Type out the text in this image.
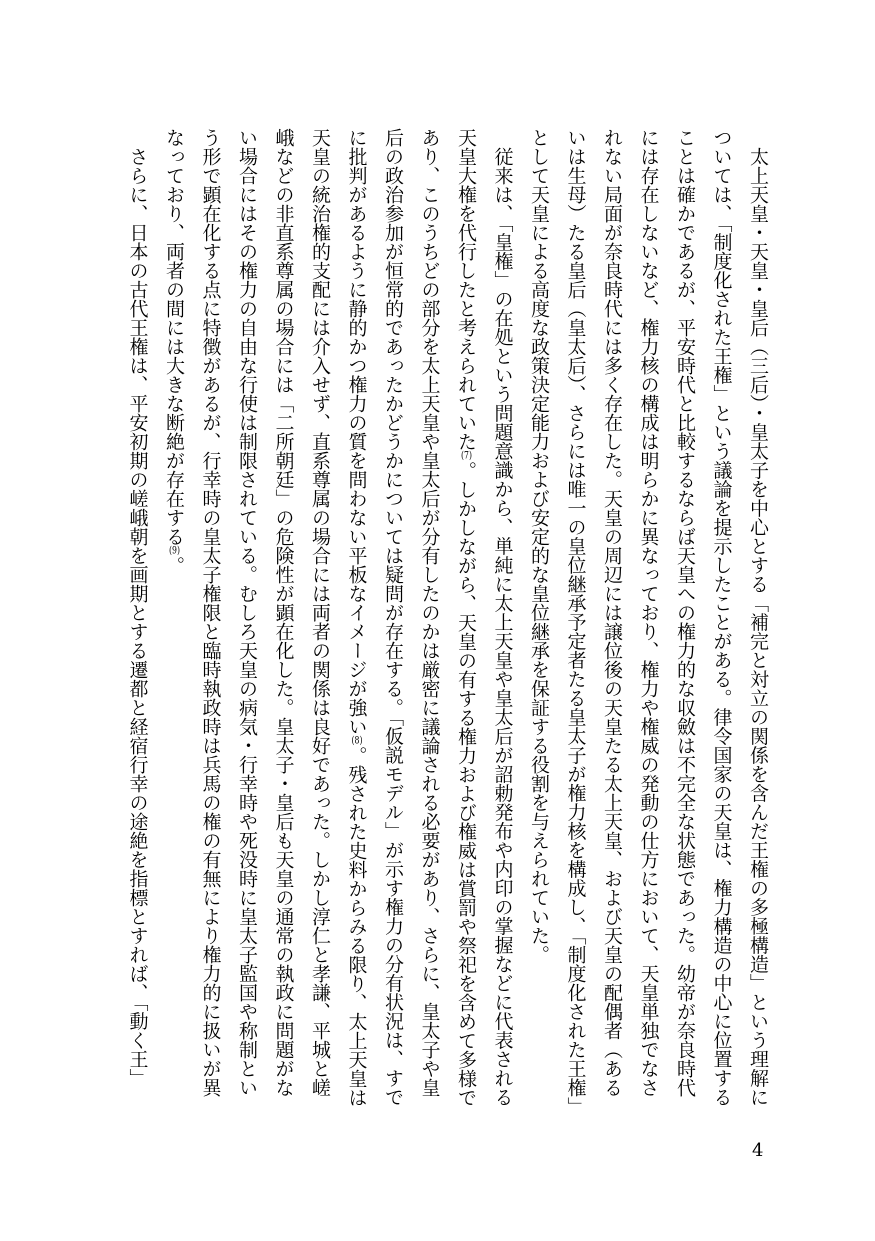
太上天皇・天皇・皇后（三后）・皇太子を中心とする「補完と対立の関係を含んだ王権の多極構造」という理解については、「制度化された王権」という議論を提示したことがある。律令国家の天皇は、権力構造の中心に位置することは確かであるが、平安時代と比較するならば天皇への権力的な収斂は不完全な状態であった。幼帝が奈良時代には存在しないなど、権力核の構成は明らかに異なっており、権力や権威の発動の仕方において、天皇単独でなされない局面が奈良時代には多く存在した。天皇の周辺には譲位後の天皇たる太上天皇、および天皇の配偶者（あるいは生母）たる皇后（皇太后）、さらには唯一の皇位継承予定者たる皇太子が権力核を構成し、「制度化された王権」として天皇による高度な政策決定能力および安定的な皇位継承を保証する役割を与えられていた。

従来は、「皇権」の在処という問題意識から、単純に太上天皇や皇太后が詔勅発布や内印の掌握などに代表される天皇大権を代行したと考えられていた(7)。しかしながら、天皇の有する権力および権威は賞罰や祭祀を含めて多様であり、このうちどの部分を太上天皇や皇太后が分有したのかは厳密に議論される必要があり、さらに、皇太子や皇后の政治参加が恒常的であったかどうかについては疑問が存在する。「仮説モデル」が示す権力の分有状況は、すでに批判があるように静的かつ権力の質を問わない平板なイメージが強い(8)。残された史料からみる限り、太上天皇は天皇の統治権的支配には介入せず、直系尊属の場合には両者の関係は良好であった。しかし淳仁と孝謙、平城と嵯峨などの非直系尊属の場合には「二所朝廷」の危険性が顕在化した。皇太子・皇后も天皇の通常の執政に問題がない場合にはその権力の自由な行使は制限されている。むしろ天皇の病気・行幸時や死没時に皇太子監国や称制という形で顕在化する点に特徴があるが、行幸時の皇太子権限と臨時執政時は兵馬の権の有無により権力的に扱いが異なっており、両者の間には大きな断絶が存在する(9)。

さらに、日本の古代王権は、平安初期の嵯峨朝を画期とする遷都と経宿行幸の途絶を指標とすれば、「動く王」

4
